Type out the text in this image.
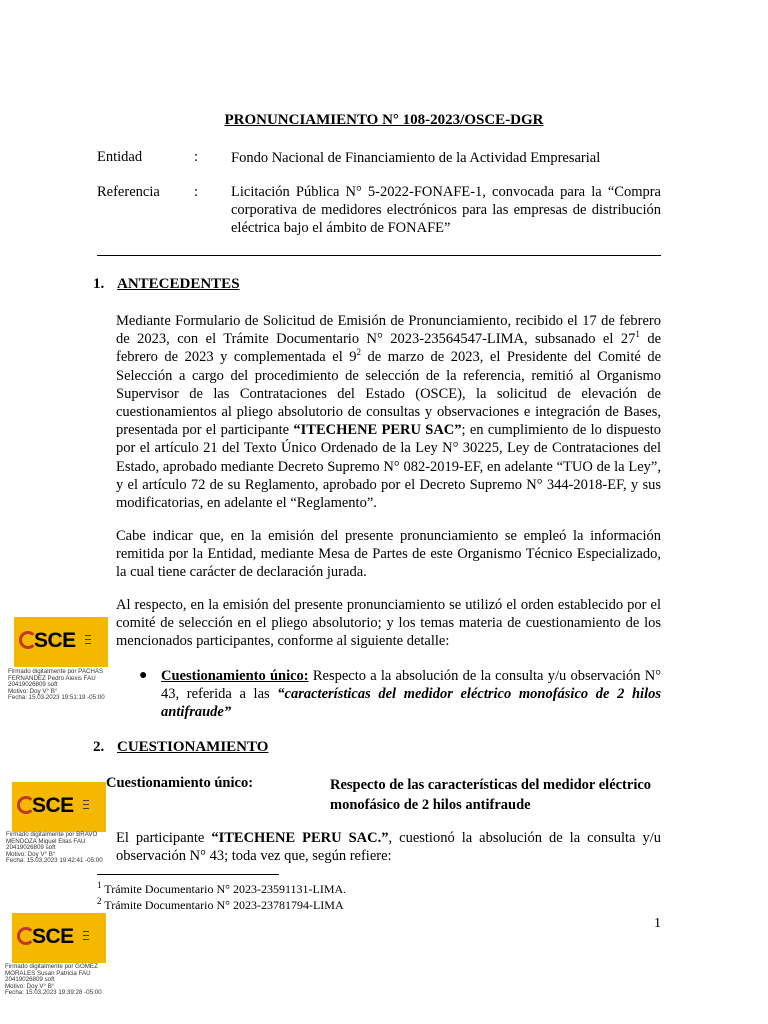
PRONUNCIAMIENTO N° 108-2023/OSCE-DGR
Entidad	: Fondo Nacional de Financiamiento de la Actividad Empresarial
Referencia : Licitación Pública N° 5-2022-FONAFE-1, convocada para la “Compra corporativa de medidores electrónicos para las empresas de distribución eléctrica bajo el ámbito de FONAFE”
1. ANTECEDENTES
Mediante Formulario de Solicitud de Emisión de Pronunciamiento, recibido el 17 de febrero de 2023, con el Trámite Documentario N° 2023-23564547-LIMA, subsanado el $27^1$ de febrero de 2023 y complementada el $9^2$ de marzo de 2023, el Presidente del Comité de Selección a cargo del procedimiento de selección de la referencia, remitió al Organismo Supervisor de las Contrataciones del Estado (OSCE), la solicitud de elevación de cuestionamientos al pliego absolutorio de consultas y observaciones e integración de Bases, presentada por el participante “ITECHENE PERU SAC”; en cumplimiento de lo dispuesto por el artículo 21 del Texto Único Ordenado de la Ley N° 30225, Ley de Contrataciones del Estado, aprobado mediante Decreto Supremo N° 082-2019-EF, en adelante “TUO de la Ley”, y el artículo 72 de su Reglamento, aprobado por el Decreto Supremo N° 344-2018-EF, y sus modificatorias, en adelante el “Reglamento”.
Cabe indicar que, en la emisión del presente pronunciamiento se empleó la información remitida por la Entidad, mediante Mesa de Partes de este Organismo Técnico Especializado, la cual tiene carácter de declaración jurada.
Al respecto, en la emisión del presente pronunciamiento se utilizó el orden establecido por el comité de selección en el pliego absolutorio; y los temas materia de cuestionamiento de los mencionados participantes, conforme al siguiente detalle:
● Cuestionamiento único: Respecto a la absolución de la consulta y/u observación N° 43, referida a las “características del medidor eléctrico monofásico de 2 hilos antifraude”
2. CUESTIONAMIENTO
Cuestionamiento único:	Respecto de las características del medidor eléctrico monofásico de 2 hilos antifraude
El participante “ITECHENE PERU SAC.”, cuestionó la absolución de la consulta y/u observación N° 43; toda vez que, según refiere:
$^1$ Trámite Documentario N° 2023-23591131-LIMA.
$^2$ Trámite Documentario N° 2023-23781794-LIMA
1
SCE	▬▬
▬▬
▬▬
Firmado digitalmente por PACHAS
FERNANDEZ Pedro Alexis FAU
20419026809 soft
Motivo: Doy V° B°
Fecha: 15.03.2023 19:51:19 -05:00
SCE	▬▬
▬▬
▬▬
Firmado digitalmente por BRAVO
MENDOZA Miguel Elias FAU
20419026809 soft
Motivo: Doy V° B°
Fecha: 15.03.2023 19:42:41 -05:00
SCE	▬▬
▬▬
▬▬
Firmado digitalmente por GOMEZ
MORALES Susan Patricia FAU
20419026809 soft
Motivo: Doy V° B°
Fecha: 15.03.2023 19:39:28 -05:00
